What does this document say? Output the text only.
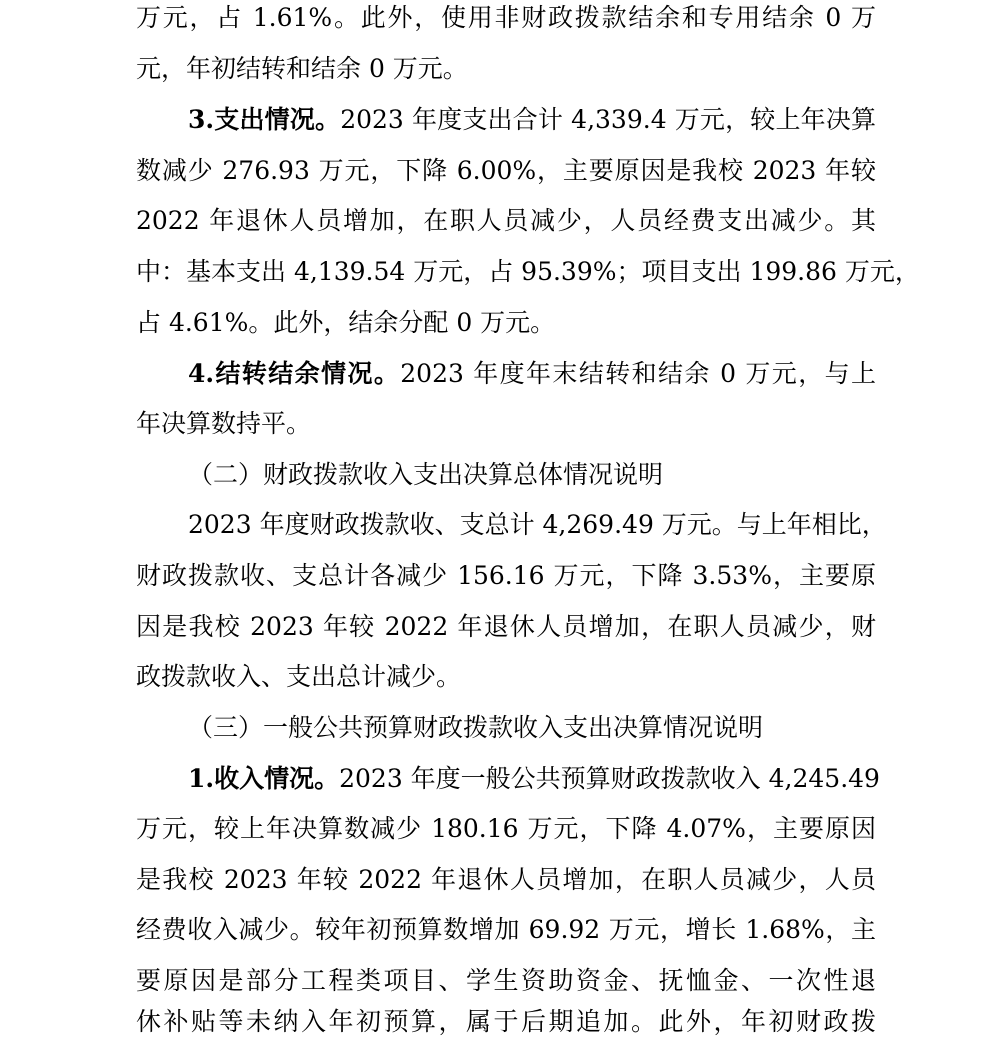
万元，占 1.61%。此外，使用非财政拨款结余和专用结余 0 万
元，年初结转和结余 0 万元。
3.支出情况。2023 年度支出合计 4,339.4 万元，较上年决算
数减少 276.93 万元，下降 6.00%，主要原因是我校 2023 年较
2022 年退休人员增加，在职人员减少，人员经费支出减少。其
中：基本支出 4,139.54 万元，占 95.39%；项目支出 199.86 万元，
占 4.61%。此外，结余分配 0 万元。
4.结转结余情况。2023 年度年末结转和结余 0 万元，与上
年决算数持平。
（二）财政拨款收入支出决算总体情况说明
2023 年度财政拨款收、支总计 4,269.49 万元。与上年相比，
财政拨款收、支总计各减少 156.16 万元，下降 3.53%，主要原
因是我校 2023 年较 2022 年退休人员增加，在职人员减少，财
政拨款收入、支出总计减少。
（三）一般公共预算财政拨款收入支出决算情况说明
1.收入情况。2023 年度一般公共预算财政拨款收入 4,245.49
万元，较上年决算数减少 180.16 万元，下降 4.07%，主要原因
是我校 2023 年较 2022 年退休人员增加，在职人员减少，人员
经费收入减少。较年初预算数增加 69.92 万元，增长 1.68%，主
要原因是部分工程类项目、学生资助资金、抚恤金、一次性退
休补贴等未纳入年初预算，属于后期追加。此外，年初财政拨
